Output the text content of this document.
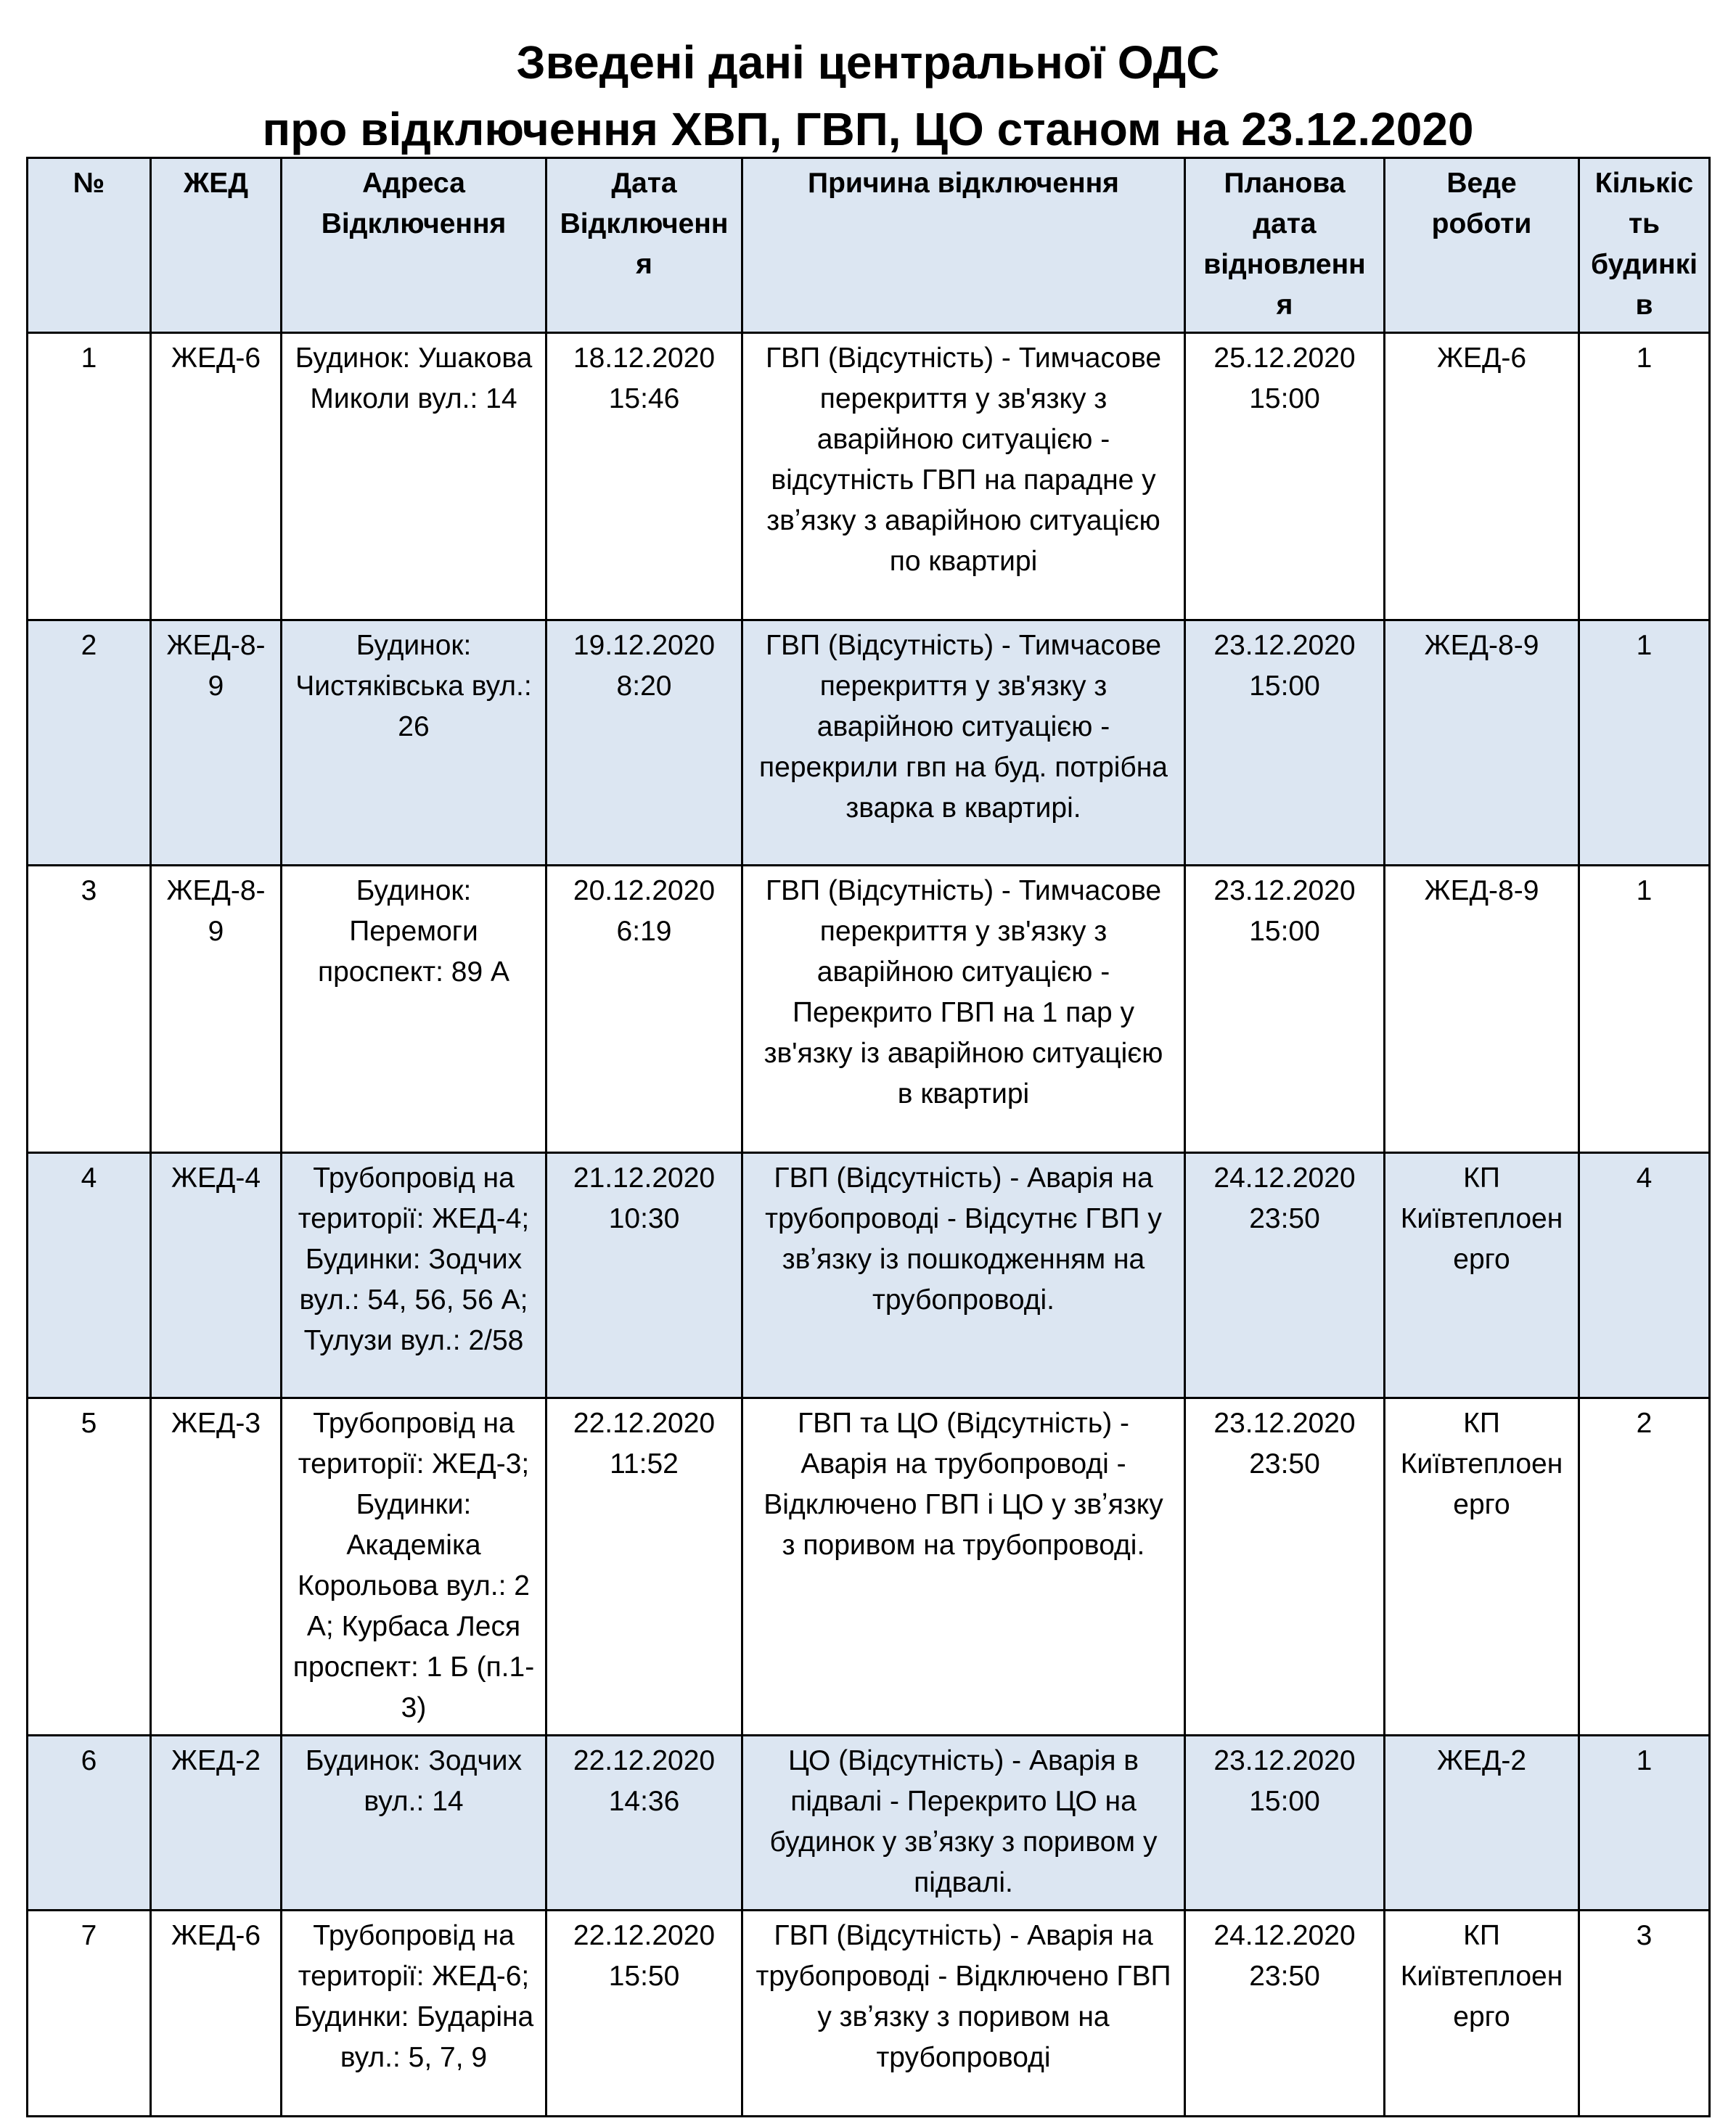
Зведені дані центральної ОДС
про відключення ХВП, ГВП, ЦО станом на 23.12.2020
№	ЖЕД	Адреса Відключення	Дата Відключення	Причина відключення	Планова дата відновлення	Веде роботи	Кількість будинків
1	ЖЕД-6	Будинок: Ушакова Миколи вул.: 14	18.12.2020 15:46	ГВП (Відсутність) - Тимчасове перекриття у зв'язку з аварійною ситуацією - відсутність ГВП на парадне у звʼязку з аварійною ситуацією по квартирі	25.12.2020 15:00	ЖЕД-6	1
2	ЖЕД-8-9	Будинок: Чистяківська вул.: 26	19.12.2020 8:20	ГВП (Відсутність) - Тимчасове перекриття у зв'язку з аварійною ситуацією - перекрили гвп на буд. потрібна зварка в квартирі.	23.12.2020 15:00	ЖЕД-8-9	1
3	ЖЕД-8-9	Будинок: Перемоги проспект: 89 А	20.12.2020 6:19	ГВП (Відсутність) - Тимчасове перекриття у зв'язку з аварійною ситуацією - Перекрито ГВП на 1 пар у зв'язку із аварійною ситуацією в квартирі	23.12.2020 15:00	ЖЕД-8-9	1
4	ЖЕД-4	Трубопровід на території: ЖЕД-4; Будинки: Зодчих вул.: 54, 56, 56 А; Тулузи вул.: 2/58	21.12.2020 10:30	ГВП (Відсутність) - Аварія на трубопроводі - Відсутнє ГВП у звʼязку із пошкодженням на трубопроводі.	24.12.2020 23:50	КП Київтеплоенерго	4
5	ЖЕД-3	Трубопровід на території: ЖЕД-3; Будинки: Академіка Корольова вул.: 2 А; Курбаса Леся проспект: 1 Б (п.1-3)	22.12.2020 11:52	ГВП та ЦО (Відсутність) - Аварія на трубопроводі - Відключено ГВП і ЦО у звʼязку з поривом на трубопроводі.	23.12.2020 23:50	КП Київтеплоенерго	2
6	ЖЕД-2	Будинок: Зодчих вул.: 14	22.12.2020 14:36	ЦО (Відсутність) - Аварія в підвалі - Перекрито ЦО на будинок у звʼязку з поривом у підвалі.	23.12.2020 15:00	ЖЕД-2	1
7	ЖЕД-6	Трубопровід на території: ЖЕД-6; Будинки: Бударіна вул.: 5, 7, 9	22.12.2020 15:50	ГВП (Відсутність) - Аварія на трубопроводі - Відключено ГВП у звʼязку з поривом на трубопроводі	24.12.2020 23:50	КП Київтеплоенерго	3
